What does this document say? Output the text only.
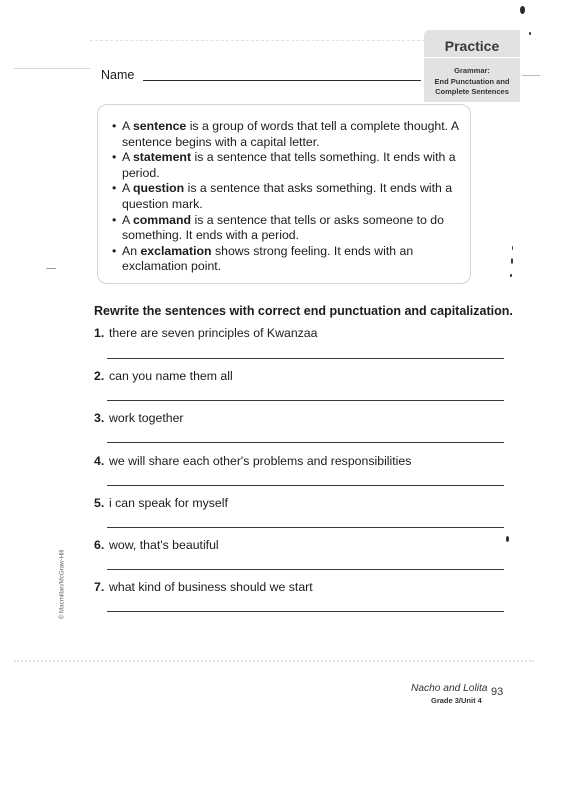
Practice
Grammar:
End Punctuation and
Complete Sentences
Name
• A sentence is a group of words that tell a complete thought. A sentence begins with a capital letter.
• A statement is a sentence that tells something. It ends with a period.
• A question is a sentence that asks something. It ends with a question mark.
• A command is a sentence that tells or asks someone to do something. It ends with a period.
• An exclamation shows strong feeling. It ends with an exclamation point.
Rewrite the sentences with correct end punctuation and capitalization.
1. there are seven principles of Kwanzaa
2. can you name them all
3. work together
4. we will share each other's problems and responsibilities
5. i can speak for myself
6. wow, that's beautiful
7. what kind of business should we start
© Macmillan/McGraw-Hill
Nacho and Lolita
Grade 3/Unit 4
93
